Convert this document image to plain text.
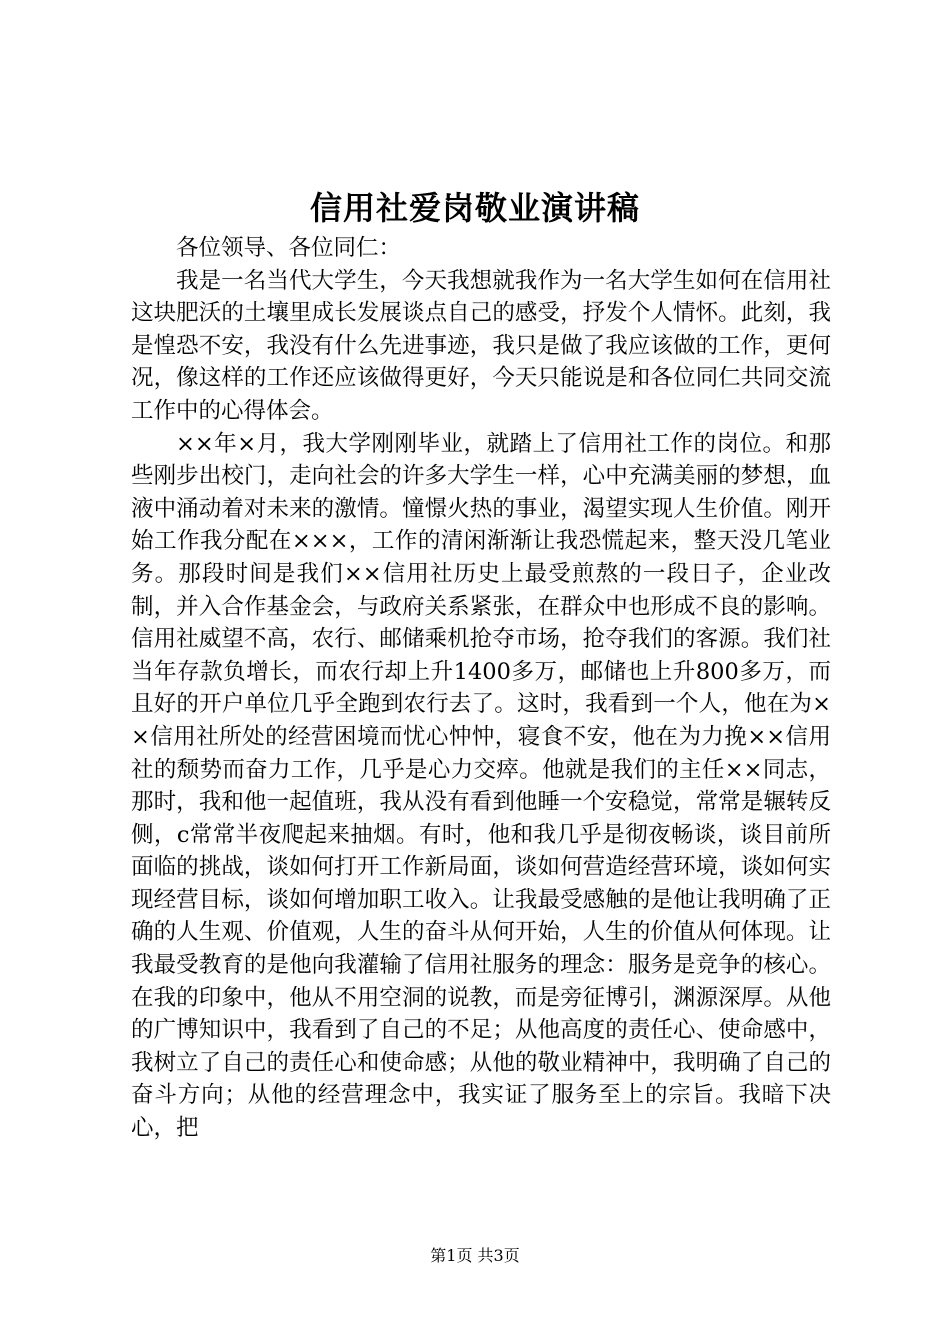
信用社爱岗敬业演讲稿

各位领导、各位同仁：

我是一名当代大学生，今天我想就我作为一名大学生如何在信用社这块肥沃的土壤里成长发展谈点自己的感受，抒发个人情怀。此刻，我是惶恐不安，我没有什么先进事迹，我只是做了我应该做的工作，更何况，像这样的工作还应该做得更好，今天只能说是和各位同仁共同交流工作中的心得体会。

××年×月，我大学刚刚毕业，就踏上了信用社工作的岗位。和那些刚步出校门，走向社会的许多大学生一样，心中充满美丽的梦想，血液中涌动着对未来的激情。憧憬火热的事业，渴望实现人生价值。刚开始工作我分配在×××，工作的清闲渐渐让我恐慌起来，整天没几笔业务。那段时间是我们××信用社历史上最受煎熬的一段日子，企业改制，并入合作基金会，与政府关系紧张，在群众中也形成不良的影响。信用社威望不高，农行、邮储乘机抢夺市场，抢夺我们的客源。我们社当年存款负增长，而农行却上升1400多万，邮储也上升800多万，而且好的开户单位几乎全跑到农行去了。这时，我看到一个人，他在为××信用社所处的经营困境而忧心忡忡，寝食不安，他在为力挽××信用社的颓势而奋力工作，几乎是心力交瘁。他就是我们的主任××同志，那时，我和他一起值班，我从没有看到他睡一个安稳觉，常常是辗转反侧，c常常半夜爬起来抽烟。有时，他和我几乎是彻夜畅谈，谈目前所面临的挑战，谈如何打开工作新局面，谈如何营造经营环境，谈如何实现经营目标，谈如何增加职工收入。让我最受感触的是他让我明确了正确的人生观、价值观，人生的奋斗从何开始，人生的价值从何体现。让我最受教育的是他向我灌输了信用社服务的理念：服务是竞争的核心。在我的印象中，他从不用空洞的说教，而是旁征博引，渊源深厚。从他的广博知识中，我看到了自己的不足；从他高度的责任心、使命感中，我树立了自己的责任心和使命感；从他的敬业精神中，我明确了自己的奋斗方向；从他的经营理念中，我实证了服务至上的宗旨。我暗下决心，把

第1页 共3页
